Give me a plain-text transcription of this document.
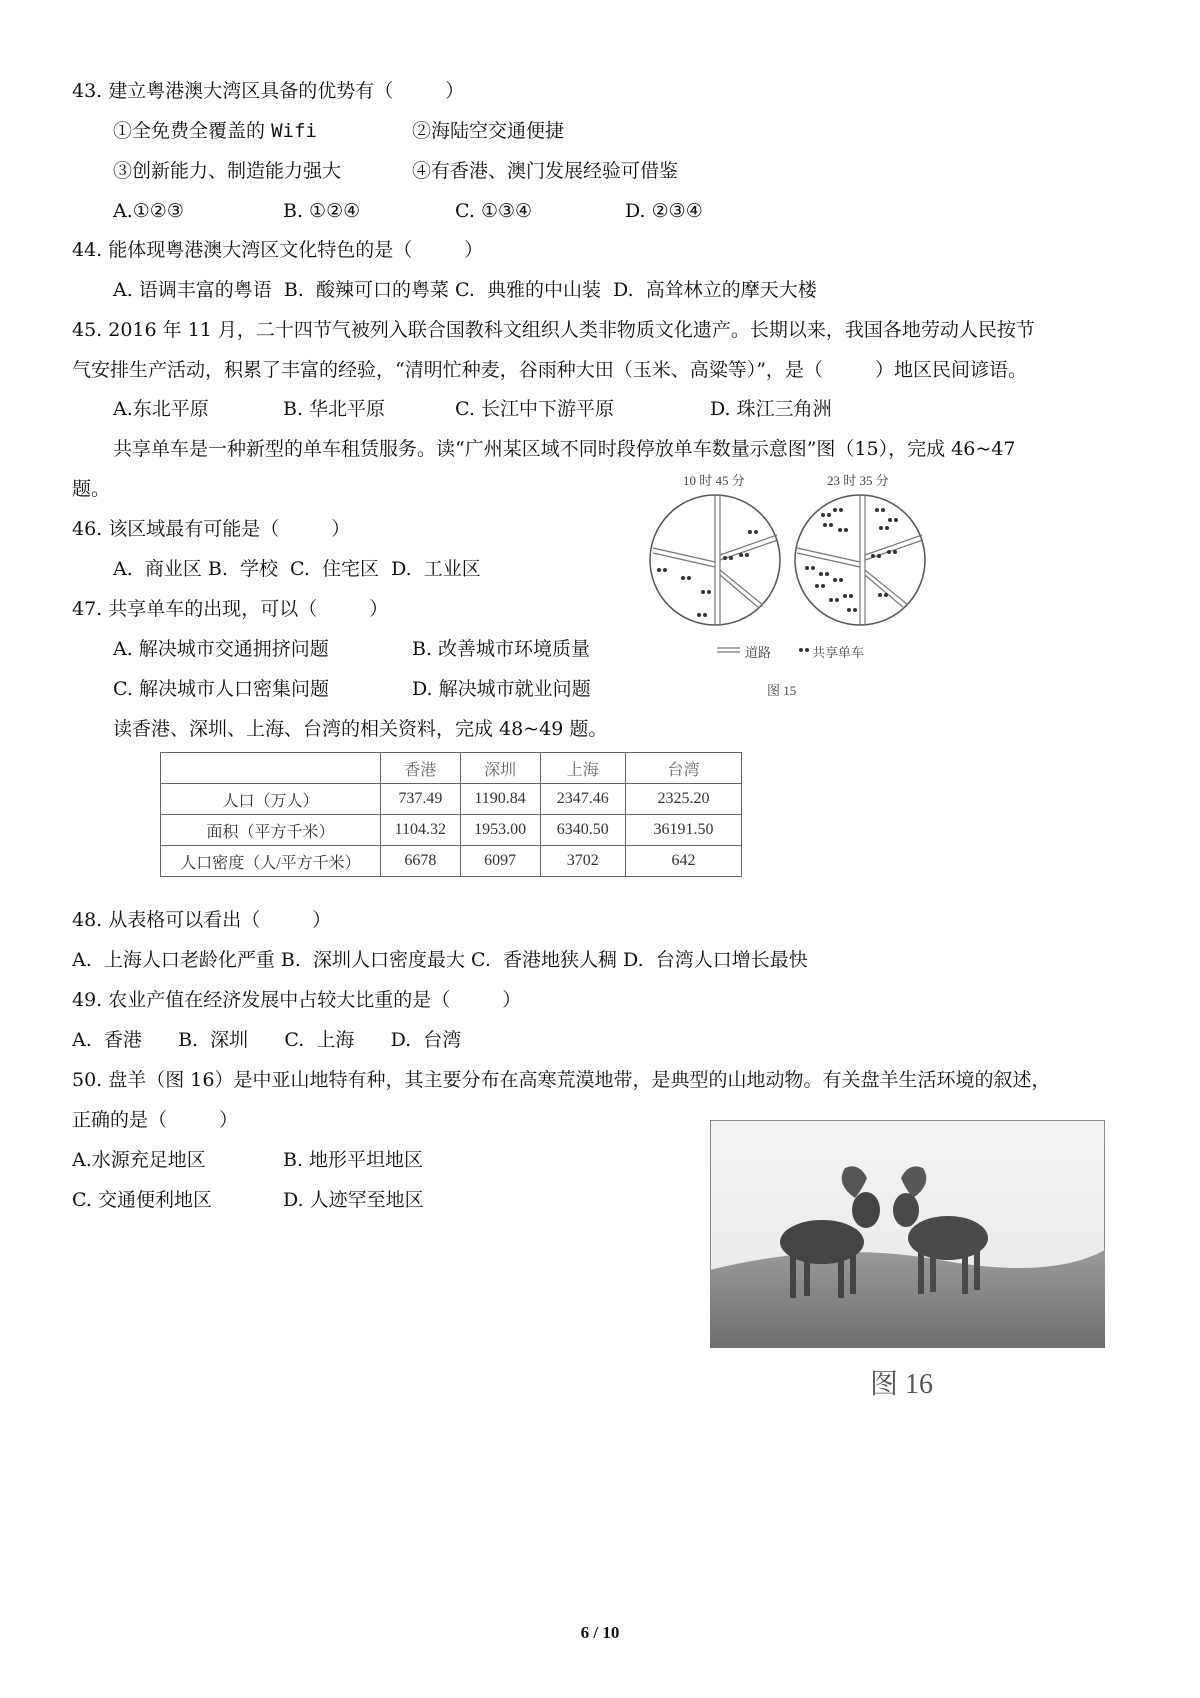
43. 建立粤港澳大湾区具备的优势有（	）
①全免费全覆盖的 Wifi	②海陆空交通便捷
③创新能力、制造能力强大	④有香港、澳门发展经验可借鉴
A.①②③	B. ①②④	C. ①③④	D. ②③④
44. 能体现粤港澳大湾区文化特色的是（	）
A. 语调丰富的粤语  B.  酸辣可口的粤菜 C.  典雅的中山装  D.  高耸林立的摩天大楼
45. 2016 年 11 月，二十四节气被列入联合国教科文组织人类非物质文化遗产。长期以来，我国各地劳动人民按节
气安排生产活动，积累了丰富的经验，“清明忙种麦，谷雨种大田（玉米、高粱等）”，是（	）地区民间谚语。
A.东北平原	B. 华北平原	C. 长江中下游平原	D. 珠江三角洲
共享单车是一种新型的单车租赁服务。读“广州某区域不同时段停放单车数量示意图”图（15），完成 46~47
题。	10 时 45 分	23 时 35 分
道路	共享单车
图 15
46. 该区域最有可能是（	）
A.  商业区 B.  学校  C.  住宅区  D.  工业区
47. 共享单车的出现，可以（	）
A. 解决城市交通拥挤问题	B. 改善城市环境质量
C. 解决城市人口密集问题	D. 解决城市就业问题
读香港、深圳、上海、台湾的相关资料，完成 48~49 题。
	香港	深圳	上海	台湾
人口（万人）	737.49	1190.84	2347.46	2325.20
面积（平方千米）	1104.32	1953.00	6340.50	36191.50
人口密度（人/平方千米）	6678	6097	3702	642
48. 从表格可以看出（	）
A.  上海人口老龄化严重 B.  深圳人口密度最大 C.  香港地狭人稠 D.  台湾人口增长最快
49. 农业产值在经济发展中占较大比重的是（	）
A.  香港      B.  深圳      C.  上海      D.  台湾
50. 盘羊（图 16）是中亚山地特有种，其主要分布在高寒荒漠地带，是典型的山地动物。有关盘羊生活环境的叙述，
正确的是（	）
A.水源充足地区	B. 地形平坦地区
C. 交通便利地区	D. 人迹罕至地区
图 16
6 / 10
